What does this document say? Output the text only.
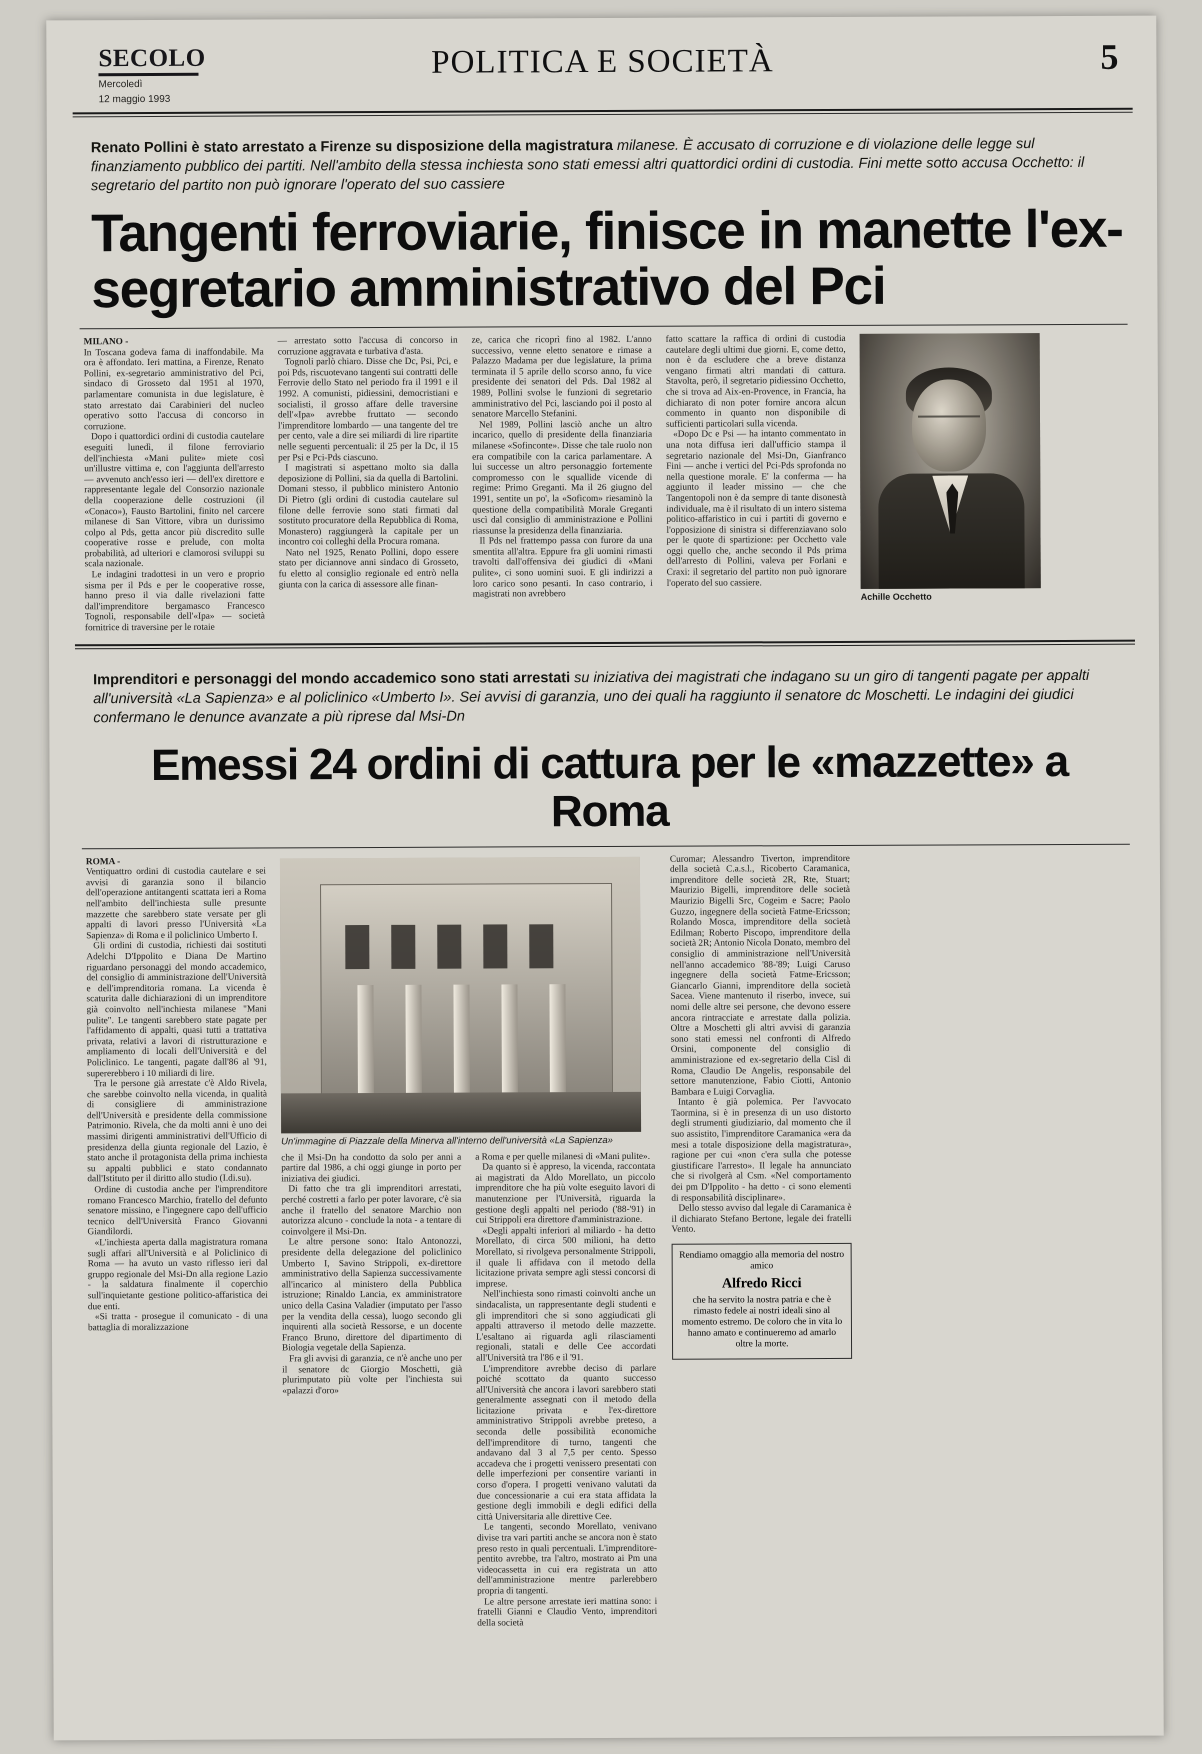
SECOLO
Mercoledì
12 maggio 1993
POLITICA E SOCIETÀ	5
Renato Pollini è stato arrestato a Firenze su disposizione della magistratura milanese. È accusato di corruzione e di violazione delle legge sul finanziamento pubblico dei partiti. Nell'ambito della stessa inchiesta sono stati emessi altri quattordici ordini di custodia. Fini mette sotto accusa Occhetto: il segretario del partito non può ignorare l'operato del suo cassiere
Tangenti ferroviarie, finisce in manette l'ex-segretario amministrativo del Pci
MILANO -
In Toscana godeva fama di inaffondabile. Ma ora è affondato. Ieri mattina, a Firenze, Renato Pollini, ex-segretario amministrativo del Pci, sindaco di Grosseto dal 1951 al 1970, parlamentare comunista in due legislature, è stato arrestato dai Carabinieri del nucleo operativo sotto l'accusa di concorso in corruzione.
Dopo i quattordici ordini di custodia cautelare eseguiti lunedì, il filone ferroviario dell'inchiesta «Mani pulite» miete così un'illustre vittima e, con l'aggiunta dell'arresto — avvenuto anch'esso ieri — dell'ex direttore e rappresentante legale del Consorzio nazionale della cooperazione delle costruzioni (il «Conaco»), Fausto Bartolini, finito nel carcere milanese di San Vittore, vibra un durissimo colpo al Pds, getta ancor più discredito sulle cooperative rosse e prelude, con molta probabilità, ad ulteriori e clamorosi sviluppi su scala nazionale.
Le indagini tradottesi in un vero e proprio sisma per il Pds e per le cooperative rosse, hanno preso il via dalle rivelazioni fatte dall'imprenditore bergamasco Francesco Tognoli, responsabile dell'«Ipa» — società fornitrice di traversine per le rotaie
— arrestato sotto l'accusa di concorso in corruzione aggravata e turbativa d'asta.
Tognoli parlò chiaro. Disse che Dc, Psi, Pci, e poi Pds, riscuotevano tangenti sui contratti delle Ferrovie dello Stato nel periodo fra il 1991 e il 1992. A comunisti, pidiessini, democristiani e socialisti, il grosso affare delle traversine dell'«Ipa» avrebbe fruttato — secondo l'imprenditore lombardo — una tangente del tre per cento, vale a dire sei miliardi di lire ripartite nelle seguenti percentuali: il 25 per la Dc, il 15 per Psi e Pci-Pds ciascuno.
I magistrati si aspettano molto sia dalla deposizione di Pollini, sia da quella di Bartolini. Domani stesso, il pubblico ministero Antonio Di Pietro (gli ordini di custodia cautelare sul filone delle ferrovie sono stati firmati dal sostituto procuratore della Repubblica di Roma, Monastero) raggiungerà la capitale per un incontro coi colleghi della Procura romana.
Nato nel 1925, Renato Pollini, dopo essere stato per diciannove anni sindaco di Grosseto, fu eletto al consiglio regionale ed entrò nella giunta con la carica di assessore alle finan-
ze, carica che ricoprì fino al 1982. L'anno successivo, venne eletto senatore e rimase a Palazzo Madama per due legislature, la prima terminata il 5 aprile dello scorso anno, fu vice presidente dei senatori del Pds. Dal 1982 al 1989, Pollini svolse le funzioni di segretario amministrativo del Pci, lasciando poi il posto al senatore Marcello Stefanini.
Nel 1989, Pollini lasciò anche un altro incarico, quello di presidente della finanziaria milanese «Sofinconte». Disse che tale ruolo non era compatibile con la carica parlamentare. A lui successe un altro personaggio fortemente compromesso con le squallide vicende di regime: Primo Greganti. Ma il 26 giugno del 1991, sentite un po', la «Soficom» riesaminò la questione della compatibilità Morale Greganti uscì dal consiglio di amministrazione e Pollini riassunse la presidenza della finanziaria.
Il Pds nel frattempo passa con furore da una smentita all'altra. Eppure fra gli uomini rimasti travolti dall'offensiva dei giudici di «Mani pulite», ci sono uomini suoi. E gli indirizzi a loro carico sono pesanti. In caso contrario, i magistrati non avrebbero
fatto scattare la raffica di ordini di custodia cautelare degli ultimi due giorni. E, come detto, non è da escludere che a breve distanza vengano firmati altri mandati di cattura. Stavolta, però, il segretario pidiessino Occhetto, che si trova ad Aix-en-Provence, in Francia, ha dichiarato di non poter fornire ancora alcun commento in quanto non disponibile di sufficienti particolari sulla vicenda.
«Dopo Dc e Psi — ha intanto commentato in una nota diffusa ieri dall'ufficio stampa il segretario nazionale del Msi-Dn, Gianfranco Fini — anche i vertici del Pci-Pds sprofonda no nella questione morale. E' la conferma — ha aggiunto il leader missino — che che Tangentopoli non è da sempre di tante disonestà individuale, ma è il risultato di un intero sistema politico-affaristico in cui i partiti di governo e l'opposizione di sinistra si differenziavano solo per le quote di spartizione: per Occhetto vale oggi quello che, anche secondo il Pds prima dell'arresto di Pollini, valeva per Forlani e Craxi: il segretario del partito non può ignorare l'operato del suo cassiere.
Achille Occhetto
Imprenditori e personaggi del mondo accademico sono stati arrestati su iniziativa dei magistrati che indagano su un giro di tangenti pagate per appalti all'università «La Sapienza» e al policlinico «Umberto I». Sei avvisi di garanzia, uno dei quali ha raggiunto il senatore dc Moschetti. Le indagini dei giudici confermano le denunce avanzate a più riprese dal Msi-Dn
Emessi 24 ordini di cattura per le «mazzette» a Roma
ROMA -
Ventiquattro ordini di custodia cautelare e sei avvisi di garanzia sono il bilancio dell'operazione antitangenti scattata ieri a Roma nell'ambito dell'inchiesta sulle presunte mazzette che sarebbero state versate per gli appalti di lavori presso l'Università «La Sapienza» di Roma e il policlinico Umberto I.
Gli ordini di custodia, richiesti dai sostituti Adelchi D'Ippolito e Diana De Martino riguardano personaggi del mondo accademico, del consiglio di amministrazione dell'Università e dell'imprenditoria romana. La vicenda è scaturita dalle dichiarazioni di un imprenditore già coinvolto nell'inchiesta milanese "Mani pulite". Le tangenti sarebbero state pagate per l'affidamento di appalti, quasi tutti a trattativa privata, relativi a lavori di ristrutturazione e ampliamento di locali dell'Università e del Policlinico. Le tangenti, pagate dall'86 al '91, supererebbero i 10 miliardi di lire.
Tra le persone già arrestate c'è Aldo Rivela, che sarebbe coinvolto nella vicenda, in qualità di consigliere di amministrazione dell'Università e presidente della commissione Patrimonio. Rivela, che da molti anni è uno dei massimi dirigenti amministrativi dell'Ufficio di presidenza della giunta regionale del Lazio, è stato anche il protagonista della prima inchiesta su appalti pubblici e stato condannato dall'Istituto per il diritto allo studio (I.di.su).
Ordine di custodia anche per l'imprenditore romano Francesco Marchio, fratello del defunto senatore missino, e l'ingegnere capo dell'ufficio tecnico dell'Università Franco Giovanni Giandilordi.
«L'inchiesta aperta dalla magistratura romana sugli affari all'Università e al Policlinico di Roma — ha avuto un vasto riflesso ieri dal gruppo regionale del Msi-Dn alla regione Lazio - la saldatura finalmente il coperchio sull'inquietante gestione politico-affaristica dei due enti.
«Si tratta - prosegue il comunicato - di una battaglia di moralizzazione
Un'immagine di Piazzale della Minerva all'interno dell'università «La Sapienza»
che il Msi-Dn ha condotto da solo per anni a partire dal 1986, a chi oggi giunge in porto per iniziativa dei giudici.
Di fatto che tra gli imprenditori arrestati, perché costretti a farlo per poter lavorare, c'è sia anche il fratello del senatore Marchio non autorizza alcuno - conclude la nota - a tentare di coinvolgere il Msi-Dn.
Le altre persone sono: Italo Antonozzi, presidente della delegazione del policlinico Umberto I, Savino Strippoli, ex-direttore amministrativo della Sapienza successivamente all'incarico al ministero della Pubblica istruzione; Rinaldo Lancia, ex amministratore unico della Casina Valadier (imputato per l'asso per la vendita della cessa), luogo secondo gli inquirenti alla società Ressorse, e un docente Franco Bruno, direttore del dipartimento di Biologia vegetale della Sapienza.
Fra gli avvisi di garanzia, ce n'è anche uno per il senatore dc Giorgio Moschetti, già plurimputato più volte per l'inchiesta sui «palazzi d'oro»
a Roma e per quelle milanesi di «Mani pulite».
Da quanto si è appreso, la vicenda, raccontata ai magistrati da Aldo Morellato, un piccolo imprenditore che ha più volte eseguito lavori di manutenzione per l'Università, riguarda la gestione degli appalti nel periodo ('88-'91) in cui Strippoli era direttore d'amministrazione.
«Degli appalti inferiori al miliardo - ha detto Morellato, di circa 500 milioni, ha detto Morellato, si rivolgeva personalmente Strippoli, il quale li affidava con il metodo della licitazione privata sempre agli stessi concorsi di imprese.
Nell'inchiesta sono rimasti coinvolti anche un sindacalista, un rappresentante degli studenti e gli imprenditori che si sono aggiudicati gli appalti attraverso il metodo delle mazzette. L'esaltano ai riguarda agli rilasciamenti regionali, statali e delle Cee accordati all'Università tra l'86 e il '91.
L'imprenditore avrebbe deciso di parlare poiché scottato da quanto successo all'Università che ancora i lavori sarebbero stati generalmente assegnati con il metodo della licitazione privata e l'ex-direttore amministrativo Strippoli avrebbe preteso, a seconda delle possibilità economiche dell'imprenditore di turno, tangenti che andavano dal 3 al 7,5 per cento. Spesso accadeva che i progetti venissero presentati con delle imperfezioni per consentire varianti in corso d'opera. I progetti venivano valutati da due concessionarie a cui era stata affidata la gestione degli immobili e degli edifici della città Universitaria alle direttive Cee.
Le tangenti, secondo Morellato, venivano divise tra vari partiti anche se ancora non è stato preso resto in quali percentuali. L'imprenditore-pentito avrebbe, tra l'altro, mostrato ai Pm una videocassetta in cui era registrata un atto dell'amministrazione mentre parlerebbero propria di tangenti.
Le altre persone arrestate ieri mattina sono: i fratelli Gianni e Claudio Vento, imprenditori della società
Curomar; Alessandro Tiverton, imprenditore della società C.a.s.l., Ricoberto Caramanica, imprenditore delle società 2R, Rte, Stuart; Maurizio Bigelli, imprenditore delle società Maurizio Bigelli Src, Cogeim e Sacre; Paolo Guzzo, ingegnere della società Fatme-Ericsson; Rolando Mosca, imprenditore della società Edilman; Roberto Piscopo, imprenditore della società 2R; Antonio Nicola Donato, membro del consiglio di amministrazione nell'Università nell'anno accademico '88-'89; Luigi Caruso ingegnere della società Fatme-Ericsson; Giancarlo Gianni, imprenditore della società Sacea. Viene mantenuto il riserbo, invece, sui nomi delle altre sei persone, che devono essere ancora rintracciate e arrestate dalla polizia. Oltre a Moschetti gli altri avvisi di garanzia sono stati emessi nel confronti di Alfredo Orsini, componente del consiglio di amministrazione ed ex-segretario della Cisl di Roma, Claudio De Angelis, responsabile del settore manutenzione, Fabio Ciotti, Antonio Bambara e Luigi Corvaglia.
Intanto è già polemica. Per l'avvocato Taormina, si è in presenza di un uso distorto degli strumenti giudiziario, dal momento che il suo assistito, l'imprenditore Caramanica «era da mesi a totale disposizione della magistratura», ragione per cui «non c'era sulla che potesse giustificare l'arresto». Il legale ha annunciato che si rivolgerà al Csm. «Nel comportamento dei pm D'Ippolito - ha detto - ci sono elementi di responsabilità disciplinare».
Dello stesso avviso dal legale di Caramanica è il dichiarato Stefano Bertone, legale dei fratelli Vento.
Rendiamo omaggio alla memoria del nostro amico
Alfredo Ricci
che ha servito la nostra patria e che è rimasto fedele ai nostri ideali sino al momento estremo. De coloro che in vita lo hanno amato e continueremo ad amarlo oltre la morte.
